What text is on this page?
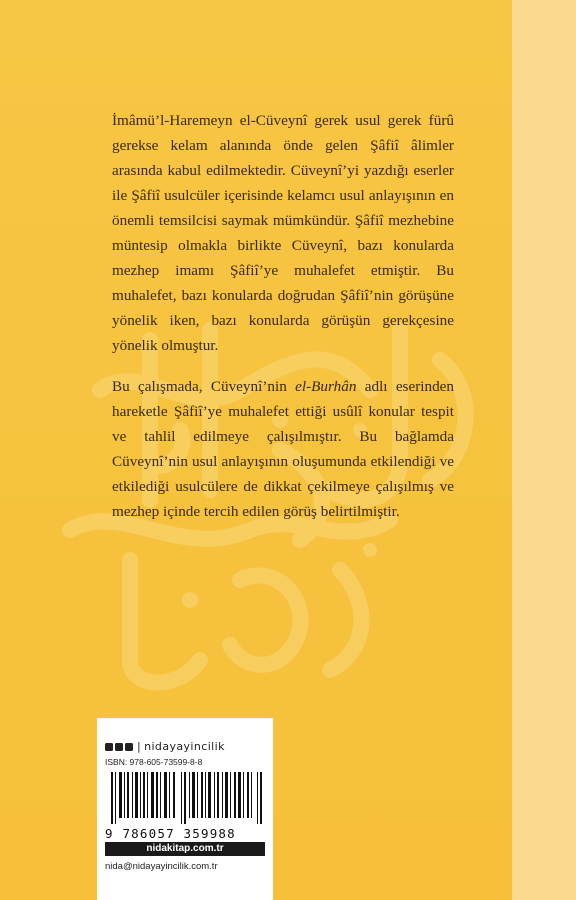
İmâmü’l-Haremeyn el-Cüveynî gerek usul gerek fürû gerekse kelam alanında önde gelen Şâfiî âlimler arasında kabul edilmektedir. Cüveynî’yi yazdığı eserler ile Şâfiî usulcüler içerisinde kelamcı usul anlayışının en önemli temsilcisi saymak mümkündür. Şâfiî mezhebine müntesip olmakla birlikte Cüveynî, bazı konularda mezhep imamı Şâfiî’ye muhalefet etmiştir. Bu muhalefet, bazı konularda doğrudan Şâfiî’nin görüşüne yönelik iken, bazı konularda görüşün gerekçesine yönelik olmuştur.

Bu çalışmada, Cüveynî’nin el-Burhân adlı eserinden hareketle Şâfiî’ye muhalefet ettiği usûlî konular tespit ve tahlil edilmeye çalışılmıştır. Bu bağlamda Cüveynî’nin usul anlayışının oluşumunda etkilendiği ve etkilediği usulcülere de dikkat çekilmeye çalışılmış ve mezhep içinde tercih edilen görüş belirtilmiştir.

| nidayayincilik
ISBN: 978-605-73599-8-8
9 786057 359988
nidakitap.com.tr
nida@nidayayincilik.com.tr
